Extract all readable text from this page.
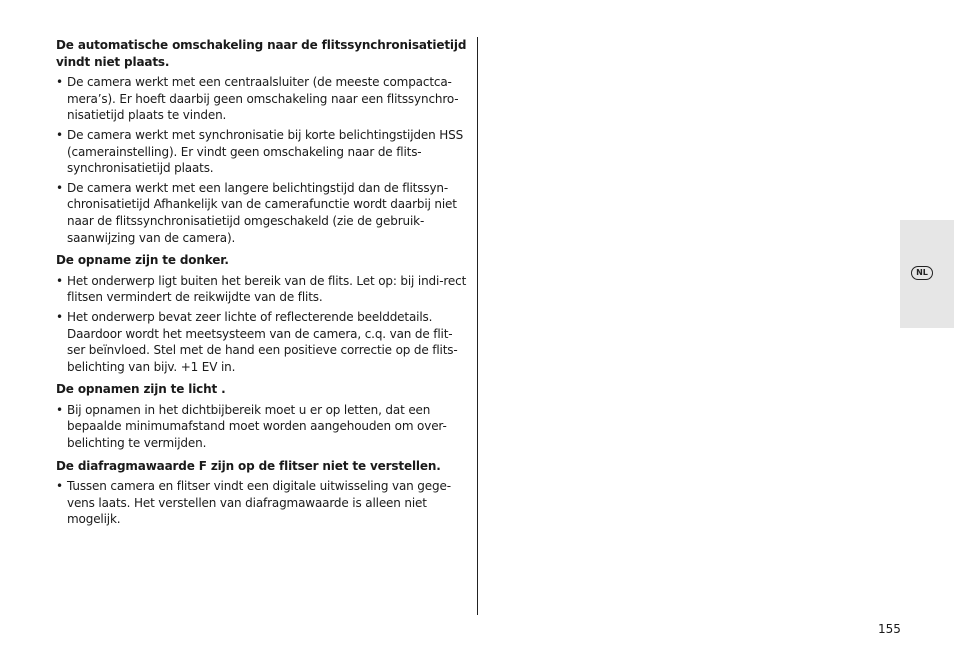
De automatische omschakeling naar de flitssynchronisatietijd vindt niet plaats.

• De camera werkt met een centraalsluiter (de meeste compactca-mera’s). Er hoeft daarbij geen omschakeling naar een flitssynchro-nisatietijd plaats te vinden.
• De camera werkt met synchronisatie bij korte belichtingstijden HSS (camerainstelling). Er vindt geen omschakeling naar de flits-synchronisatietijd plaats.
• De camera werkt met een langere belichtingstijd dan de flitssyn-chronisatietijd Afhankelijk van de camerafunctie wordt daarbij niet naar de flitssynchronisatietijd omgeschakeld (zie de gebruik-saanwijzing van de camera).

De opname zijn te donker.

• Het onderwerp ligt buiten het bereik van de flits. Let op: bij indi-rect flitsen vermindert de reikwijdte van de flits.
• Het onderwerp bevat zeer lichte of reflecterende beelddetails. Daardoor wordt het meetsysteem van de camera, c.q. van de flit-ser beïnvloed. Stel met de hand een positieve correctie op de flits-belichting van bijv. +1 EV in.

De opnamen zijn te licht .

• Bij opnamen in het dichtbijbereik moet u er op letten, dat een bepaalde minimumafstand moet worden aangehouden om over-belichting te vermijden.

De diafragmawaarde F zijn op de flitser niet te verstellen.

• Tussen camera en flitser vindt een digitale uitwisseling van gege-vens laats. Het verstellen van diafragmawaarde is alleen niet mogelijk.
NL
155
